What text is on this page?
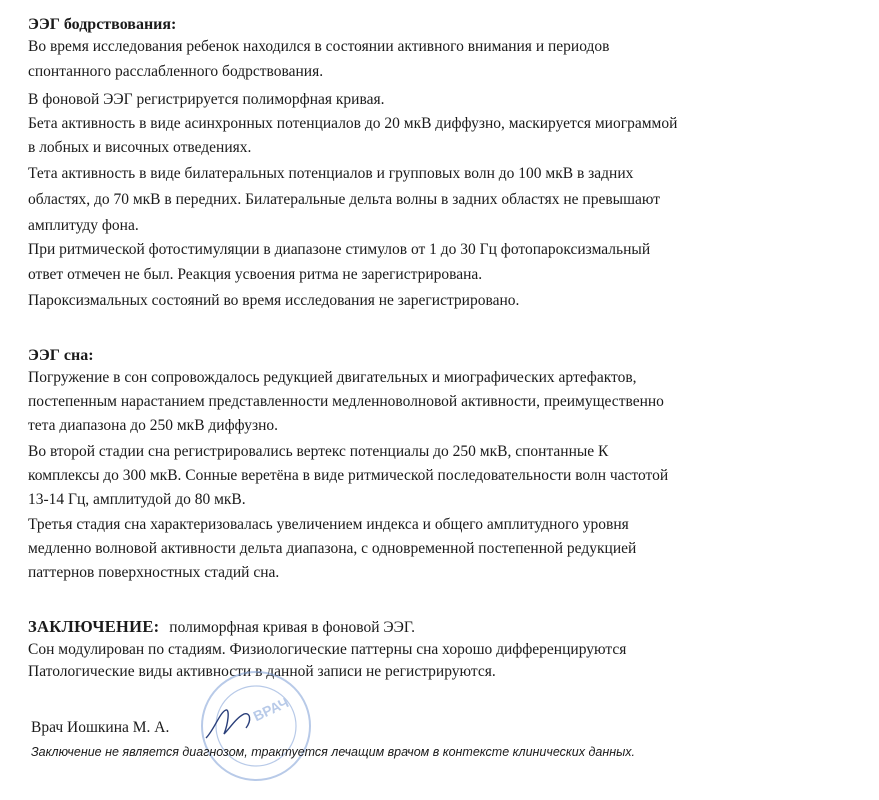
ЭЭГ бодрствования:
Во время исследования ребенок находился в состоянии активного внимания и периодов
спонтанного расслабленного бодрствования.
В фоновой ЭЭГ регистрируется полиморфная кривая.
Бета активность в виде асинхронных потенциалов до 20 мкВ диффузно, маскируется миограммой
в лобных и височных отведениях.
Тета активность в виде билатеральных потенциалов и групповых волн до 100 мкВ в задних
областях, до 70 мкВ в передних. Билатеральные дельта волны в задних областях не превышают
амплитуду фона.
При ритмической фотостимуляции в диапазоне стимулов от 1 до 30 Гц фотопароксизмальный
ответ отмечен не был. Реакция усвоения ритма не зарегистрирована.
Пароксизмальных состояний во время исследования не зарегистрировано.
ЭЭГ сна:
Погружение в сон сопровождалось редукцией двигательных и миографических артефактов,
постепенным нарастанием представленности медленноволновой активности, преимущественно
тета диапазона до 250 мкВ диффузно.
Во второй стадии сна регистрировались вертекс потенциалы до 250 мкВ, спонтанные К
комплексы до 300 мкВ. Сонные веретёна в виде ритмической последовательности волн частотой
13-14 Гц, амплитудой до 80 мкВ.
Третья стадия сна характеризовалась увеличением индекса и общего амплитудного уровня
медленно волновой активности дельта диапазона, с одновременной постепенной редукцией
паттернов поверхностных стадий сна.
ЗАКЛЮЧЕНИЕ: полиморфная кривая в фоновой ЭЭГ.
Сон модулирован по стадиям. Физиологические паттерны сна хорошо дифференцируются
Патологические виды активности в данной записи не регистрируются.
ВРАЧ
Врач Иошкина М. А.
Заключение не является диагнозом, трактуется лечащим врачом в контексте клинических данных.
